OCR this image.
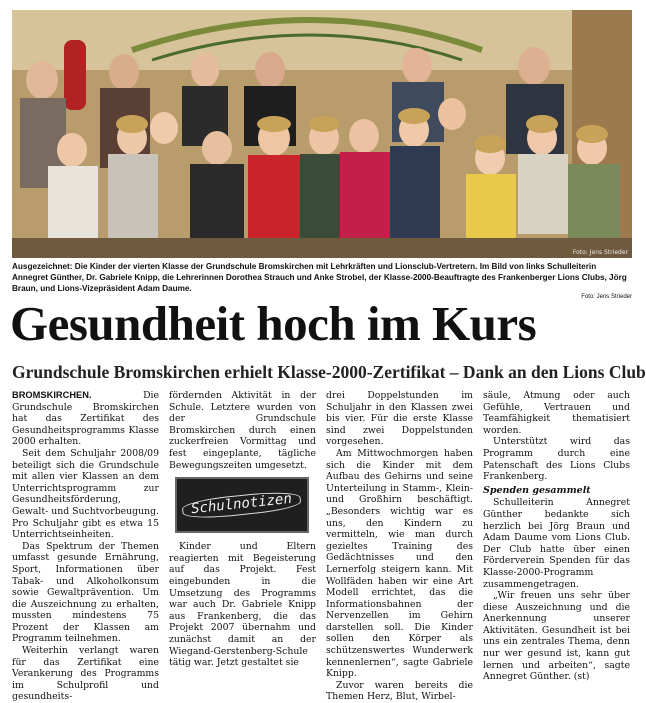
Foto: Jens Strieder
Ausgezeichnet: Die Kinder der vierten Klasse der Grundschule Bromskirchen mit Lehrkräften und Lionsclub-Vertretern. Im Bild von links Schulleiterin Annegret Günther, Dr. Gabriele Knipp, die Lehrerinnen Dorothea Strauch und Anke Strobel, der Klasse-2000-Beauftragte des Frankenberger Lions Clubs, Jörg Braun, und Lions-Vizepräsident Adam Daume.
Foto: Jens Strieder
Gesundheit hoch im Kurs
Grundschule Bromskirchen erhielt Klasse-2000-Zertifikat – Dank an den Lions Club

BROMSKIRCHEN.	Die Grundschule Bromskirchen hat das Zertifikat des Gesundheitsprogramms Klasse 2000 erhalten.

Seit dem Schuljahr 2008/09 beteiligt sich die Grundschule mit allen vier Klassen an dem Unterrichtsprogramm zur Gesundheitsförderung, Gewalt- und Suchtvorbeugung. Pro Schuljahr gibt es etwa 15 Unterrichtseinheiten.

Das Spektrum der Themen umfasst gesunde Ernährung, Sport, Informationen über Tabak- und Alkoholkonsum sowie Gewaltprävention. Um die Auszeichnung zu erhalten, mussten mindestens 75 Prozent der Klassen am Programm teilnehmen.

Weiterhin verlangt waren für das Zertifikat eine Verankerung des Programms im Schulprofil und gesundheits-

fördernden Aktivität in der Schule. Letztere wurden von der Grundschule Bromskirchen durch einen zuckerfreien Vormittag und fest eingeplante, tägliche Bewegungszeiten umgesetzt.

Schulnotizen

Kinder und Eltern reagierten mit Begeisterung auf das Projekt. Fest eingebunden in die Umsetzung des Programms war auch Dr. Gabriele Knipp aus Frankenberg, die das Projekt 2007 übernahm und zunächst damit an der Wiegand-Gerstenberg-Schule tätig war. Jetzt gestaltet sie

drei Doppelstunden im Schuljahr in den Klassen zwei bis vier. Für die erste Klasse sind zwei Doppelstunden vorgesehen.

Am Mittwochmorgen haben sich die Kinder mit dem Aufbau des Gehirns und seine Unterteilung in Stamm-, Klein- und Großhirn beschäftigt. „Besonders wichtig war es uns, den Kindern zu vermitteln, wie man durch gezieltes Training des Gedächtnisses und den Lernerfolg steigern kann. Mit Wollfäden haben wir eine Art Modell errichtet, das die Informationsbahnen der Nervenzellen im Gehirn darstellen soll. Die Kinder sollen den Körper als schützenswertes Wunderwerk kennenlernen“, sagte Gabriele Knipp.

Zuvor waren bereits die Themen Herz, Blut, Wirbel-

säule, Atmung oder auch Gefühle, Vertrauen und Teamfähigkeit thematisiert worden.

Unterstützt wird das Programm durch eine Patenschaft des Lions Clubs Frankenberg.

Spenden gesammelt

Schulleiterin Annegret Günther bedankte sich herzlich bei Jörg Braun und Adam Daume vom Lions Club. Der Club hatte über einen Förderverein Spenden für das Klasse-2000-Programm zusammengetragen.

„Wir freuen uns sehr über diese Auszeichnung und die Anerkennung unserer Aktivitäten. Gesundheit ist bei uns ein zentrales Thema, denn nur wer gesund ist, kann gut lernen und arbeiten“, sagte Annegret Günther. (st)
